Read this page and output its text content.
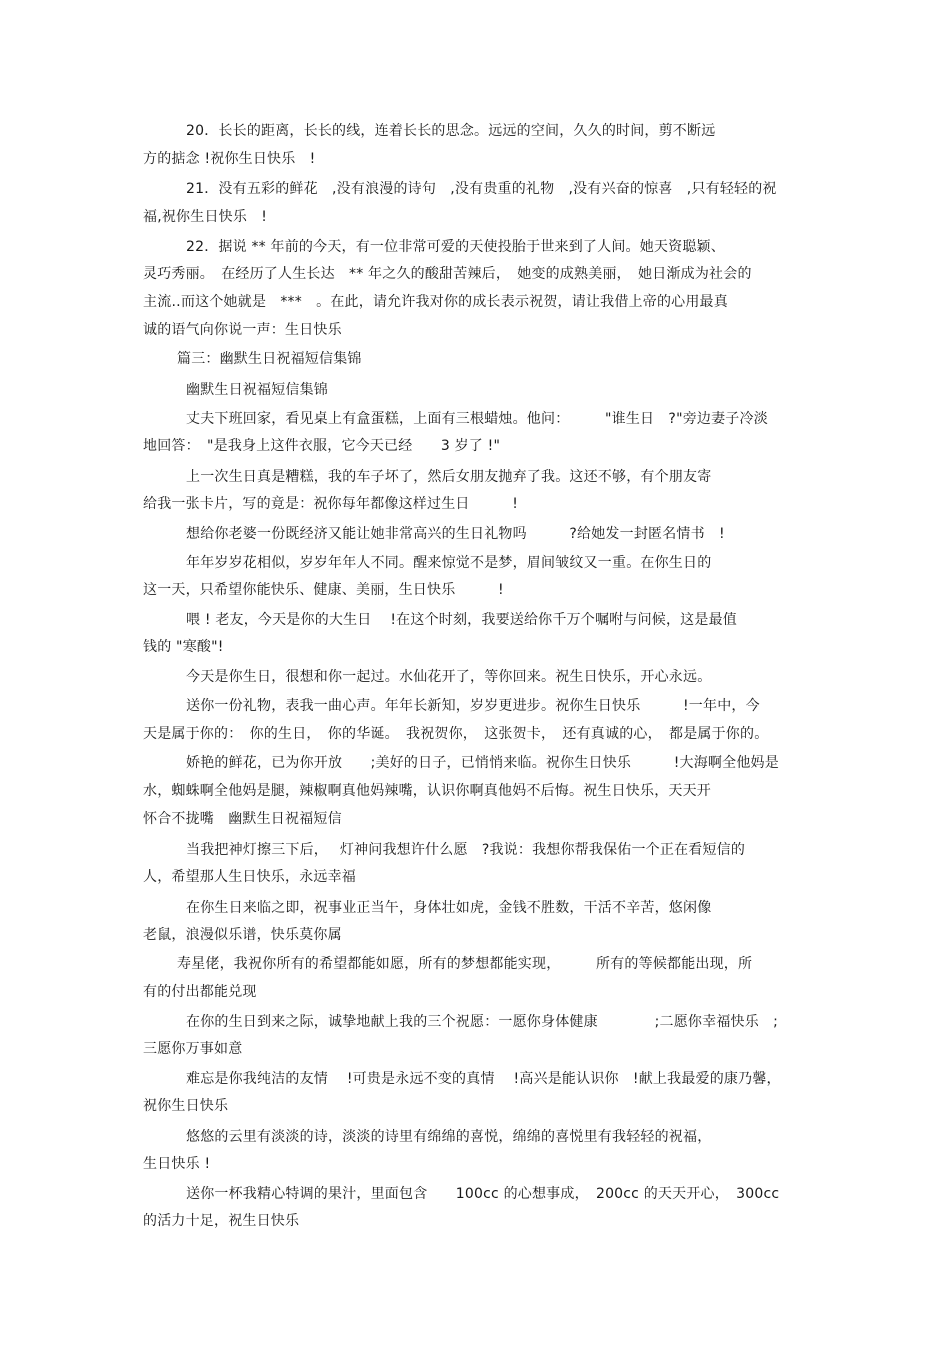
20．长长的距离，长长的线，连着长长的思念。远远的空间，久久的时间，剪不断远
方的掂念 !祝你生日快乐　!
21．没有五彩的鲜花　,没有浪漫的诗句　,没有贵重的礼物　,没有兴奋的惊喜　,只有轻轻的祝
福,祝你生日快乐　!
22．据说 ** 年前的今天，有一位非常可爱的天使投胎于世来到了人间。她天资聪颖、
灵巧秀丽。　在经历了人生长达　** 年之久的酸甜苦辣后，　她变的成熟美丽，　她日渐成为社会的
主流‥而这个她就是　***　。在此，请允许我对你的成长表示祝贺，请让我借上帝的心用最真
诚的语气向你说一声：生日快乐
篇三：幽默生日祝福短信集锦
幽默生日祝福短信集锦
丈夫下班回家，看见桌上有盒蛋糕，上面有三根蜡烛。他问：　　　"谁生日　?"旁边妻子冷淡
地回答：　"是我身上这件衣服，它今天已经　　3 岁了 !"
上一次生日真是糟糕，我的车子坏了，然后女朋友抛弃了我。这还不够，有个朋友寄
给我一张卡片，写的竟是：祝你每年都像这样过生日　　　!
想给你老婆一份既经济又能让她非常高兴的生日礼物吗　　　?给她发一封匿名情书　!
年年岁岁花相似，岁岁年年人不同。醒来惊觉不是梦，眉间皱纹又一重。在你生日的
这一天，只希望你能快乐、健康、美丽，生日快乐　　　!
喂 ! 老友，今天是你的大生日　 !在这个时刻，我要送给你千万个嘱咐与问候，这是最值
钱的 "寒酸"!
今天是你生日，很想和你一起过。水仙花开了，等你回来。祝生日快乐，开心永远。
送你一份礼物，表我一曲心声。年年长新知，岁岁更进步。祝你生日快乐　　　!一年中，今
天是属于你的：　你的生日，　你的华诞。　我祝贺你，　这张贺卡，　还有真诚的心，　都是属于你的。
娇艳的鲜花，已为你开放　　;美好的日子，已悄悄来临。祝你生日快乐　　　!大海啊全他妈是
水，蜘蛛啊全他妈是腿，辣椒啊真他妈辣嘴，认识你啊真他妈不后悔。祝生日快乐，天天开
怀合不拢嘴　幽默生日祝福短信
当我把神灯擦三下后，　 灯神问我想许什么愿　?我说：我想你帮我保佑一个正在看短信的
人，希望那人生日快乐，永远幸福
在你生日来临之即，祝事业正当午，身体壮如虎，金钱不胜数，干活不辛苦，悠闲像
老鼠，浪漫似乐谱，快乐莫你属
寿星佬，我祝你所有的希望都能如愿，所有的梦想都能实现，　　　所有的等候都能出现，所
有的付出都能兑现
在你的生日到来之际，诚挚地献上我的三个祝愿：一愿你身体健康　　　　;二愿你幸福快乐　;
三愿你万事如意
难忘是你我纯洁的友情　 !可贵是永远不变的真情　 !高兴是能认识你　!献上我最爱的康乃馨，
祝你生日快乐
悠悠的云里有淡淡的诗，淡淡的诗里有绵绵的喜悦，绵绵的喜悦里有我轻轻的祝福，
生日快乐 !
送你一杯我精心特调的果汁，里面包含　　100cc 的心想事成，　200cc 的天天开心，　300cc
的活力十足，祝生日快乐
